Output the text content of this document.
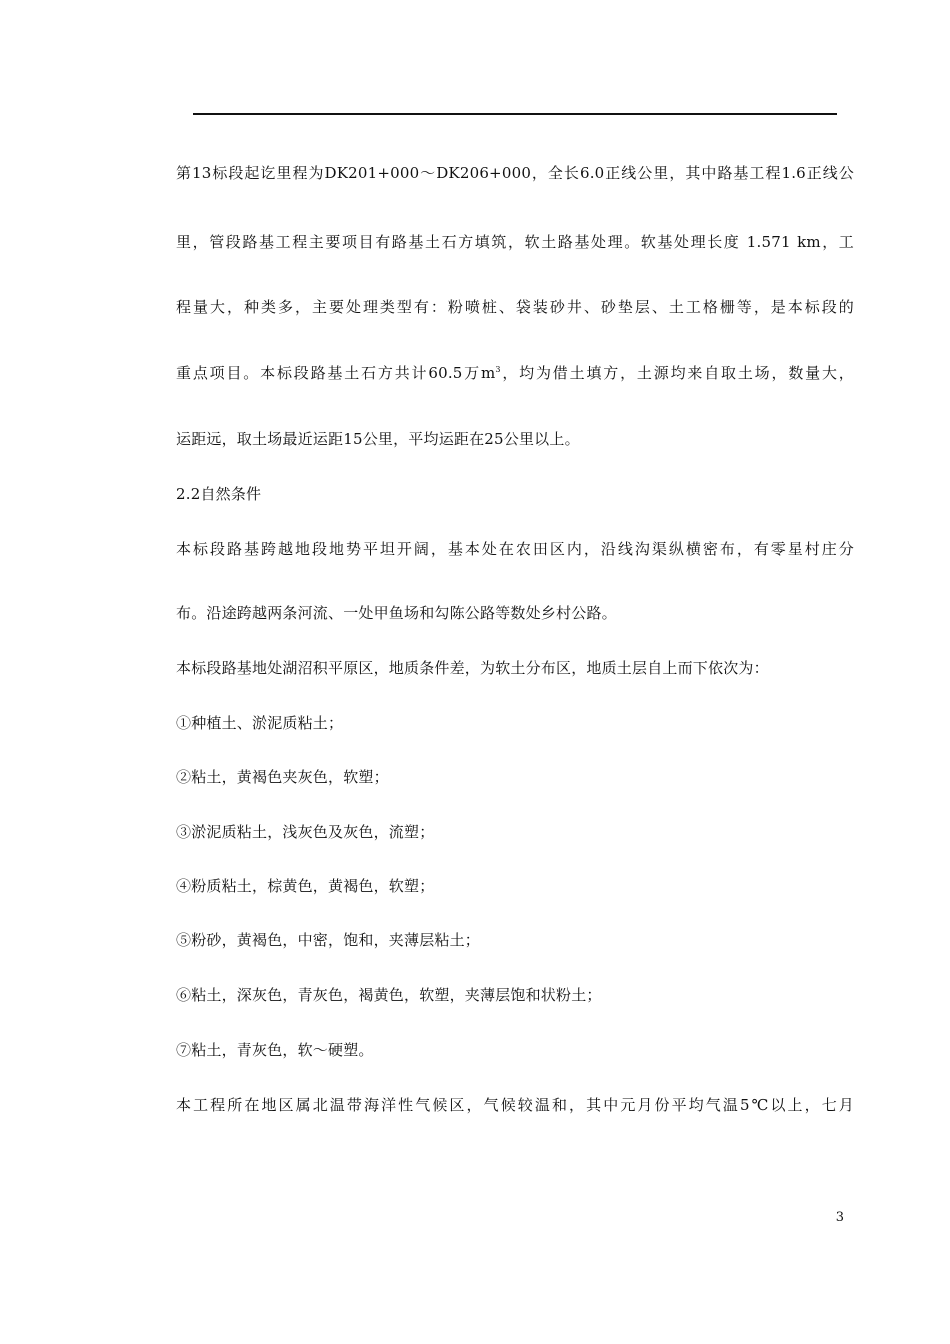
第13标段起讫里程为DK201+000～DK206+000，全长6.0正线公里，其中路基工程1.6正线公
里，管段路基工程主要项目有路基土石方填筑，软土路基处理。软基处理长度 1.571 km，工
程量大，种类多，主要处理类型有：粉喷桩、袋装砂井、砂垫层、土工格栅等，是本标段的
重点项目。本标段路基土石方共计60.5万$m^3$，均为借土填方，土源均来自取土场，数量大，
运距远，取土场最近运距15公里，平均运距在25公里以上。
2.2自然条件
本标段路基跨越地段地势平坦开阔，基本处在农田区内，沿线沟渠纵横密布，有零星村庄分
布。沿途跨越两条河流、一处甲鱼场和勾陈公路等数处乡村公路。
本标段路基地处湖沼积平原区，地质条件差，为软土分布区，地质土层自上而下依次为：
①种植土、淤泥质粘土；
②粘土，黄褐色夹灰色，软塑；
③淤泥质粘土，浅灰色及灰色，流塑；
④粉质粘土，棕黄色，黄褐色，软塑；
⑤粉砂，黄褐色，中密，饱和，夹薄层粘土；
⑥粘土，深灰色，青灰色，褐黄色，软塑，夹薄层饱和状粉土；
⑦粘土，青灰色，软～硬塑。
本工程所在地区属北温带海洋性气候区，气候较温和，其中元月份平均气温5℃以上，七月
3
